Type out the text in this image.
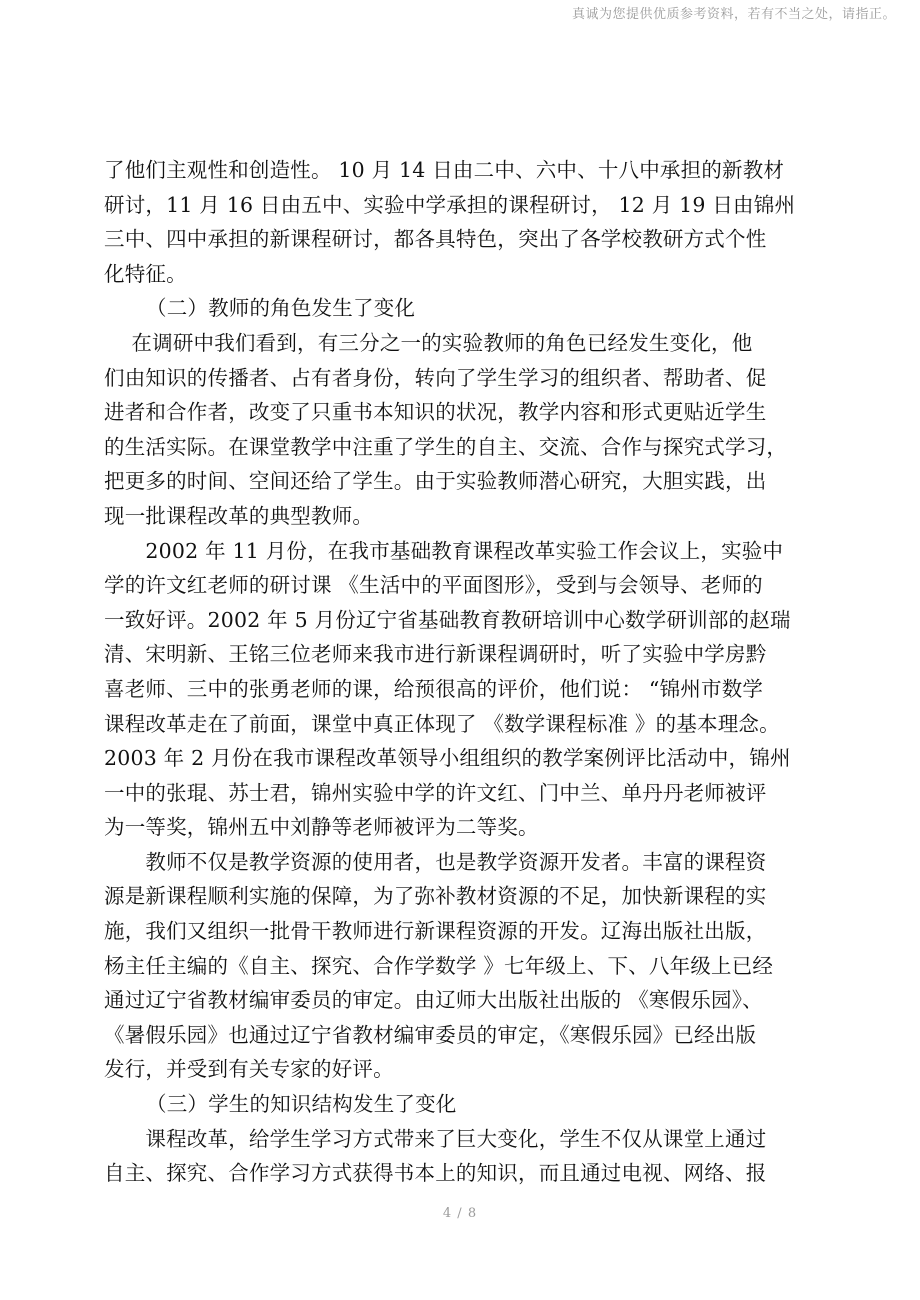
真诚为您提供优质参考资料，若有不当之处，请指正。
了他们主观性和创造性。 10 月 14 日由二中、六中、十八中承担的新教材
研讨，11 月 16 日由五中、实验中学承担的课程研讨， 12 月 19 日由锦州
三中、四中承担的新课程研讨，都各具特色，突出了各学校教研方式个性
化特征。
（二）教师的角色发生了变化
　 在调研中我们看到，有三分之一的实验教师的角色已经发生变化，他
们由知识的传播者、占有者身份，转向了学生学习的组织者、帮助者、促
进者和合作者，改变了只重书本知识的状况，教学内容和形式更贴近学生
的生活实际。在课堂教学中注重了学生的自主、交流、合作与探究式学习，
把更多的时间、空间还给了学生。由于实验教师潜心研究，大胆实践，出
现一批课程改革的典型教师。
　　2002 年 11 月份，在我市基础教育课程改革实验工作会议上，实验中
学的许文红老师的研讨课 《生活中的平面图形》，受到与会领导、老师的
一致好评。2002 年 5 月份辽宁省基础教育教研培训中心数学研训部的赵瑞
清、宋明新、王铭三位老师来我市进行新课程调研时，听了实验中学房黔
喜老师、三中的张勇老师的课，给预很高的评价，他们说： “锦州市数学
课程改革走在了前面，课堂中真正体现了 《数学课程标准 》的基本理念。
2003 年 2 月份在我市课程改革领导小组组织的教学案例评比活动中，锦州
一中的张琨、苏士君，锦州实验中学的许文红、门中兰、单丹丹老师被评
为一等奖，锦州五中刘静等老师被评为二等奖。
　　教师不仅是教学资源的使用者，也是教学资源开发者。丰富的课程资
源是新课程顺利实施的保障，为了弥补教材资源的不足，加快新课程的实
施，我们又组织一批骨干教师进行新课程资源的开发。辽海出版社出版，
杨主任主编的《自主、探究、合作学数学 》七年级上、下、八年级上已经
通过辽宁省教材编审委员的审定。由辽师大出版社出版的 《寒假乐园》、
《暑假乐园》也通过辽宁省教材编审委员的审定，《寒假乐园》已经出版
发行，并受到有关专家的好评。
（三）学生的知识结构发生了变化
　　课程改革，给学生学习方式带来了巨大变化，学生不仅从课堂上通过
自主、探究、合作学习方式获得书本上的知识，而且通过电视、网络、报
4 / 8
